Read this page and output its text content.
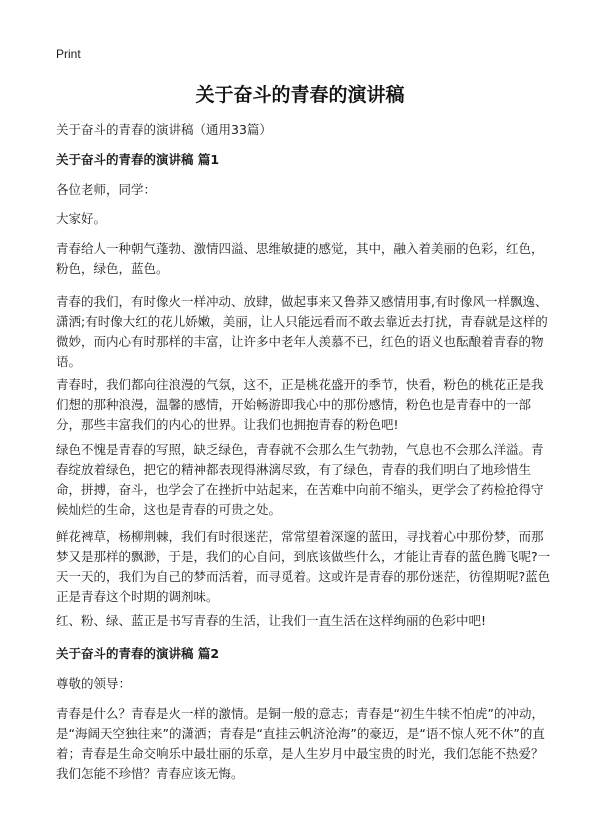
Print
关于奋斗的青春的演讲稿

关于奋斗的青春的演讲稿（通用33篇）

关于奋斗的青春的演讲稿 篇1

各位老师，同学：

大家好。

青春给人一种朝气蓬勃、激情四溢、思维敏捷的感觉，其中，融入着美丽的色彩，红色，粉色，绿色，蓝色。

青春的我们，有时像火一样冲动、放肆，做起事来又鲁莽又感情用事,有时像风一样飘逸、潇洒;有时像大红的花儿娇嫩，美丽，让人只能远看而不敢去靠近去打扰，青春就是这样的微妙，而内心有时那样的丰富，让许多中老年人羡慕不已，红色的语义也酝酿着青春的物语。

青春时，我们都向往浪漫的气氛，这不，正是桃花盛开的季节，快看，粉色的桃花正是我们想的那种浪漫，温馨的感情，开始畅游即我心中的那份感情，粉色也是青春中的一部分，那些丰富我们的内心的世界。让我们也拥抱青春的粉色吧!

绿色不愧是青春的写照，缺乏绿色，青春就不会那么生气勃勃，气息也不会那么洋溢。青春绽放着绿色，把它的精神都表现得淋漓尽致，有了绿色，青春的我们明白了地珍惜生命，拼搏，奋斗，也学会了在挫折中站起来，在苦难中向前不缩头，更学会了药检抢得守候灿烂的生命，这也是青春的可贵之处。

鲜花裨草，杨柳荆棘，我们有时很迷茫，常常望着深邃的蓝田，寻找着心中那份梦，而那梦又是那样的飘渺，于是，我们的心自问，到底该做些什么，才能让青春的蓝色腾飞呢?一天一天的，我们为自己的梦而活着，而寻觅着。这或许是青春的那份迷茫，彷徨期呢?蓝色正是青春这个时期的调剂味。

红、粉、绿、蓝正是书写青春的生活，让我们一直生活在这样绚丽的色彩中吧!

关于奋斗的青春的演讲稿 篇2

尊敬的领导：

青春是什么？青春是火一样的激情。是铜一般的意志；青春是“初生牛犊不怕虎”的冲动，是“海阔天空独往来”的潇洒；青春是“直挂云帆济沧海”的豪迈，是“语不惊人死不休”的直着；青春是生命交响乐中最壮丽的乐章，是人生岁月中最宝贵的时光，我们怎能不热爱？我们怎能不珍惜？青春应该无悔。
